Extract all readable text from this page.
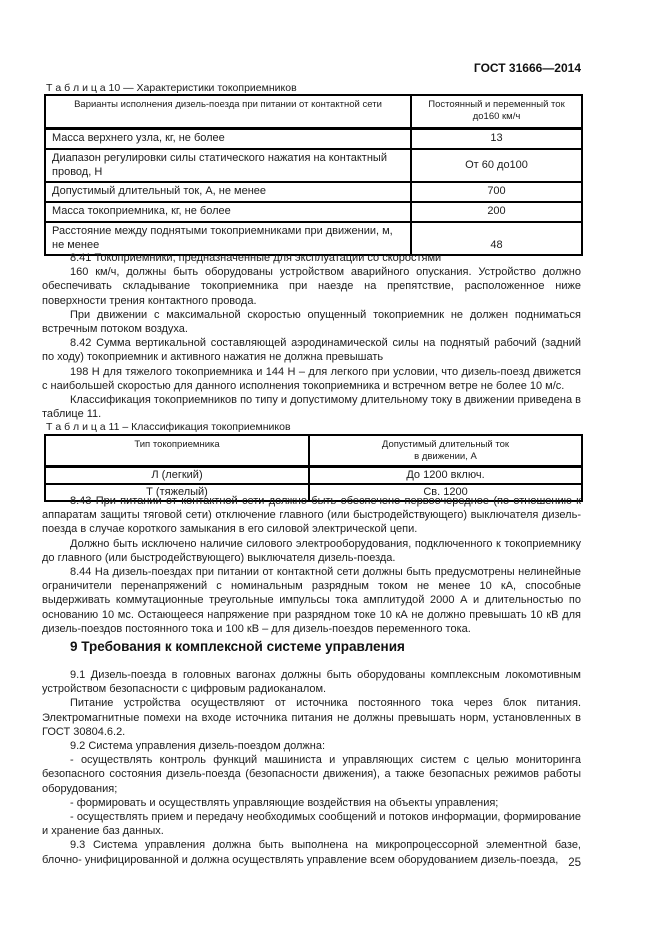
ГОСТ 31666—2014
Т а б л и ц а 10 — Характеристики токоприемников
Варианты исполнения дизель-поезда при питании от контактной сети	Постоянный и переменный ток
до160 км/ч

Масса верхнего узла, кг, не более	13
Диапазон регулировки силы статического нажатия на контактный провод, Н	От 60 до100
Допустимый длительный ток, А, не менее	700
Масса токоприемника, кг, не более	200
Расстояние между поднятыми токоприемниками при движении, м, не менее	48

8.41 Токоприемники, предназначенные для эксплуатации со скоростями

160 км/ч, должны быть оборудованы устройством аварийного опускания. Устройство должно обеспечивать складывание токоприемника при наезде на препятствие, расположенное ниже поверхности трения контактного провода.

При движении с максимальной скоростью опущенный токоприемник не должен подниматься встречным потоком воздуха.

8.42 Сумма вертикальной составляющей аэродинамической силы на поднятый рабочий (задний по ходу) токоприемник и активного нажатия не должна превышать

198 Н для тяжелого токоприемника и 144 Н – для легкого при условии, что дизель-поезд движется с наибольшей скоростью для данного исполнения токоприемника и встречном ветре не более 10 м/с.

Классификация токоприемников по типу и допустимому длительному току в движении приведена в таблице 11.

Т а б л и ц а 11 – Классификация токоприемников
Тип токоприемника	Допустимый длительный ток
в движении, А

Л (легкий)	До 1200 включ.
Т (тяжелый)	Св. 1200

8.43 При питании от контактной сети должно быть обеспечено первоочередное (по отношению к аппаратам защиты тяговой сети) отключение главного (или быстродействующего) выключателя дизель-поезда в случае короткого замыкания в его силовой электрической цепи.

Должно быть исключено наличие силового электрооборудования, подключенного к токоприемнику до главного (или быстродействующего) выключателя дизель-поезда.

8.44 На дизель-поездах при питании от контактной сети должны быть предусмотрены нелинейные ограничители перенапряжений с номинальным разрядным током не менее 10 кА, способные выдерживать коммутационные треугольные импульсы тока амплитудой 2000 А и длительностью по основанию 10 мс. Остающееся напряжение при разрядном токе 10 кА не должно превышать 10 кВ для дизель-поездов постоянного тока и 100 кВ – для дизель-поездов переменного тока.

9 Требования к комплексной системе управления

9.1 Дизель-поезда в головных вагонах должны быть оборудованы комплексным локомотивным устройством безопасности с цифровым радиоканалом.

Питание устройства осуществляют от источника постоянного тока через блок питания. Электромагнитные помехи на входе источника питания не должны превышать норм, установленных в ГОСТ 30804.6.2.

9.2 Система управления дизель-поездом должна:

- осуществлять контроль функций машиниста и управляющих систем с целью мониторинга безопасного состояния дизель-поезда (безопасности движения), а также безопасных режимов работы оборудования;

- формировать и осуществлять управляющие воздействия на объекты управления;

- осуществлять прием и передачу необходимых сообщений и потоков информации, формирование и хранение баз данных.

9.3 Система управления должна быть выполнена на микропроцессорной элементной базе, блочно- унифицированной и должна осуществлять управление всем оборудованием дизель-поезда, 25
